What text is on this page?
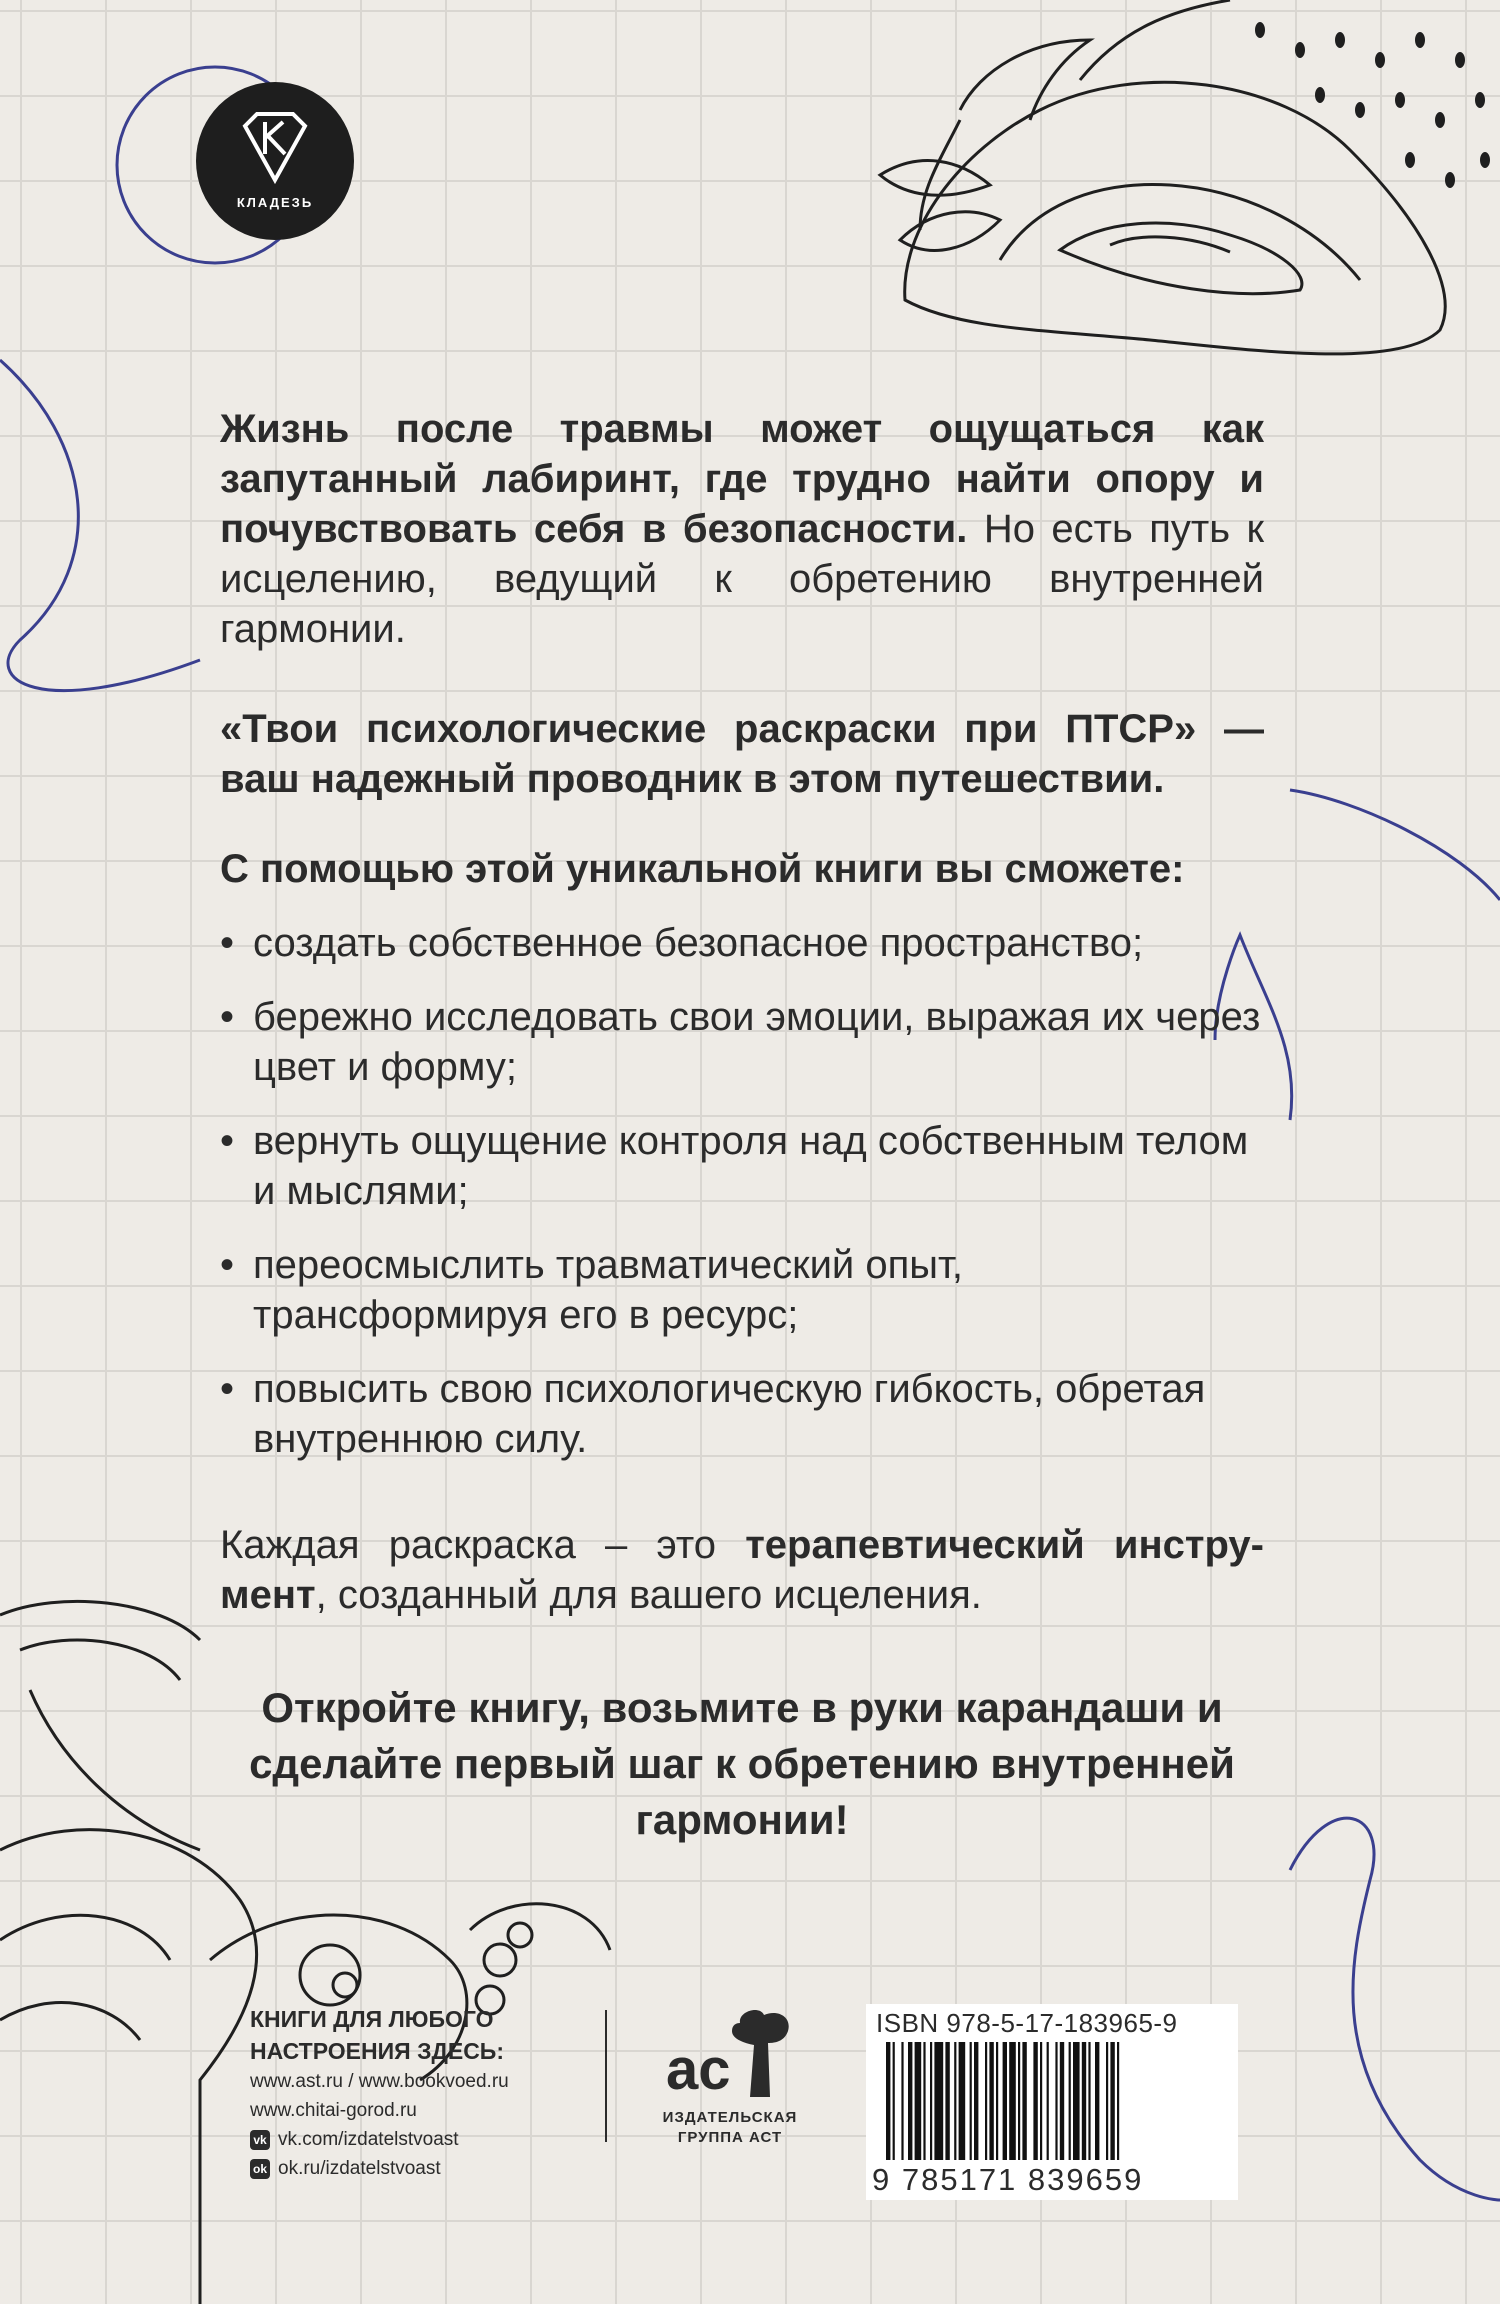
КЛАДЕЗЬ

Жизнь после травмы может ощущаться как запутанный лабиринт, где трудно найти опору и почувствовать себя в безопасности. Но есть путь к исцелению, ведущий к обретению внутренней гармонии.

«Твои психологические раскраски при ПТСР» — ваш надежный проводник в этом путешествии.

С помощью этой уникальной книги вы сможете:

• создать собственное безопасное пространство;
• бережно исследовать свои эмоции, выражая их через цвет и форму;
• вернуть ощущение контроля над собственным телом и мыслями;
• переосмыслить травматический опыт, трансформируя его в ресурс;
• повысить свою психологическую гибкость, обретая внутреннюю силу.

Каждая раскраска – это терапевтический инструмент, созданный для вашего исцеления.

Откройте книгу, возьмите в руки карандаши и сделайте первый шаг к обретению внутренней гармонии!

КНИГИ ДЛЯ ЛЮБОГО
НАСТРОЕНИЯ ЗДЕСЬ:
www.ast.ru / www.bookvoed.ru
www.chitai-gorod.ru
vk vk.com/izdatelstvoast
ok ok.ru/izdatelstvoast
ac
ИЗДАТЕЛЬСКАЯ
ГРУППА АСТ
ISBN 978-5-17-183965-9
9 785171 839659
